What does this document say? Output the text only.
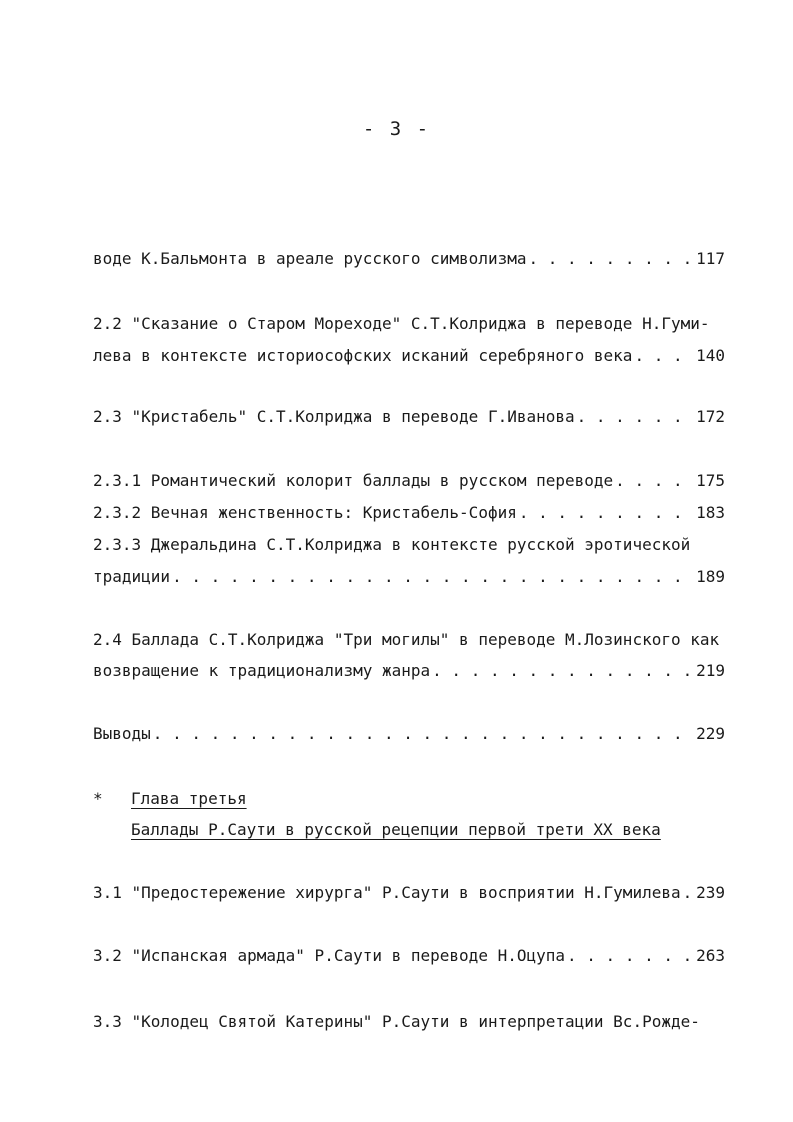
- 3 -
воде К.Бальмонта в ареале русского символизма . . .	117
2.2 "Сказание о Старом Мореходе" С.Т.Колриджа в переводе Н.Гуми-
лева в контексте историософских исканий серебряного века . . .	140
2.3 "Кристабель" С.Т.Колриджа в переводе Г.Иванова . . .	172
2.3.1 Романтический колорит баллады в русском переводе . . .	175
2.3.2 Вечная женственность: Кристабель-София . . .	183
2.3.3 Джеральдина С.Т.Колриджа в контексте русской эротической
традиции . . .	189
2.4 Баллада С.Т.Колриджа "Три могилы" в переводе М.Лозинского как
возвращение к традиционализму жанра . . .	219
Выводы . . .	229
* Глава третья
Баллады Р.Саути в русской рецепции первой трети XX века
3.1 "Предостережение хирурга" Р.Саути в восприятии Н.Гумилева . . . 239
3.2 "Испанская армада" Р.Саути в переводе Н.Оцупа . . .	263
3.3 "Колодец Святой Катерины" Р.Саути в интерпретации Вс.Рожде-
